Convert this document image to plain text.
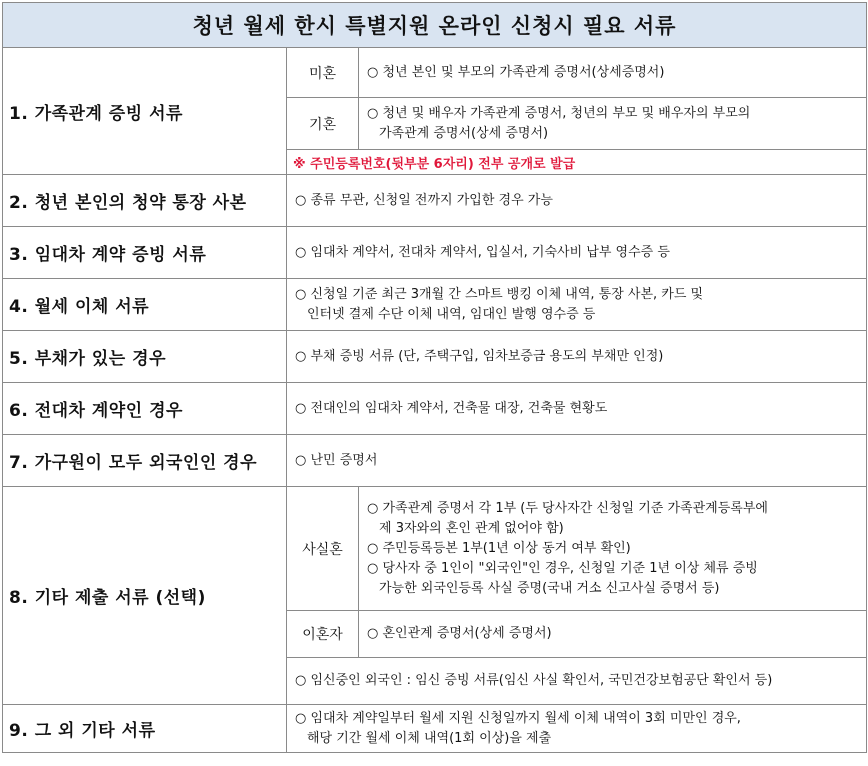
청년 월세 한시 특별지원 온라인 신청시 필요 서류		
1. 가족관계 증빙 서류	미혼	○ 청년 본인 및 부모의 가족관계 증명서(상세증명서)

	기혼	○ 청년 및 배우자 가족관계 증명서, 청년의 부모 및 배우자의 부모의
가족관계 증명서(상세 증명서)

	※ 주민등록번호(뒷부분 6자리) 전부 공개로 발급	
2. 청년 본인의 청약 통장 사본	○ 종류 무관, 신청일 전까지 가입한 경우 가능	

3. 임대차 계약 증빙 서류	○ 임대차 계약서, 전대차 계약서, 입실서, 기숙사비 납부 영수증 등	

4. 월세 이체 서류	○ 신청일 기준 최근 3개월 간 스마트 뱅킹 이체 내역, 통장 사본, 카드 및
인터넷 결제 수단 이체 내역, 임대인 발행 영수증 등	

5. 부채가 있는 경우	○ 부채 증빙 서류 (단, 주택구입, 임차보증금 용도의 부채만 인정)	

6. 전대차 계약인 경우	○ 전대인의 임대차 계약서, 건축물 대장, 건축물 현황도	

7. 가구원이 모두 외국인인 경우	○ 난민 증명서	

8. 기타 제출 서류 (선택)	사실혼	○ 가족관계 증명서 각 1부 (두 당사자간 신청일 기준 가족관계등록부에
제 3자와의 혼인 관계 없어야 함)
○ 주민등록등본 1부(1년 이상 동거 여부 확인)
○ 당사자 중 1인이 "외국인"인 경우, 신청일 기준 1년 이상 체류 증빙
가능한 외국인등록 사실 증명(국내 거소 신고사실 증명서 등)

	이혼자	○ 혼인관계 증명서(상세 증명서)

	○ 임신중인 외국인 : 임신 증빙 서류(임신 사실 확인서, 국민건강보험공단 확인서 등)	

9. 그 외 기타 서류	○ 임대차 계약일부터 월세 지원 신청일까지 월세 이체 내역이 3회 미만인 경우,
해당 기간 월세 이체 내역(1회 이상)을 제출	
